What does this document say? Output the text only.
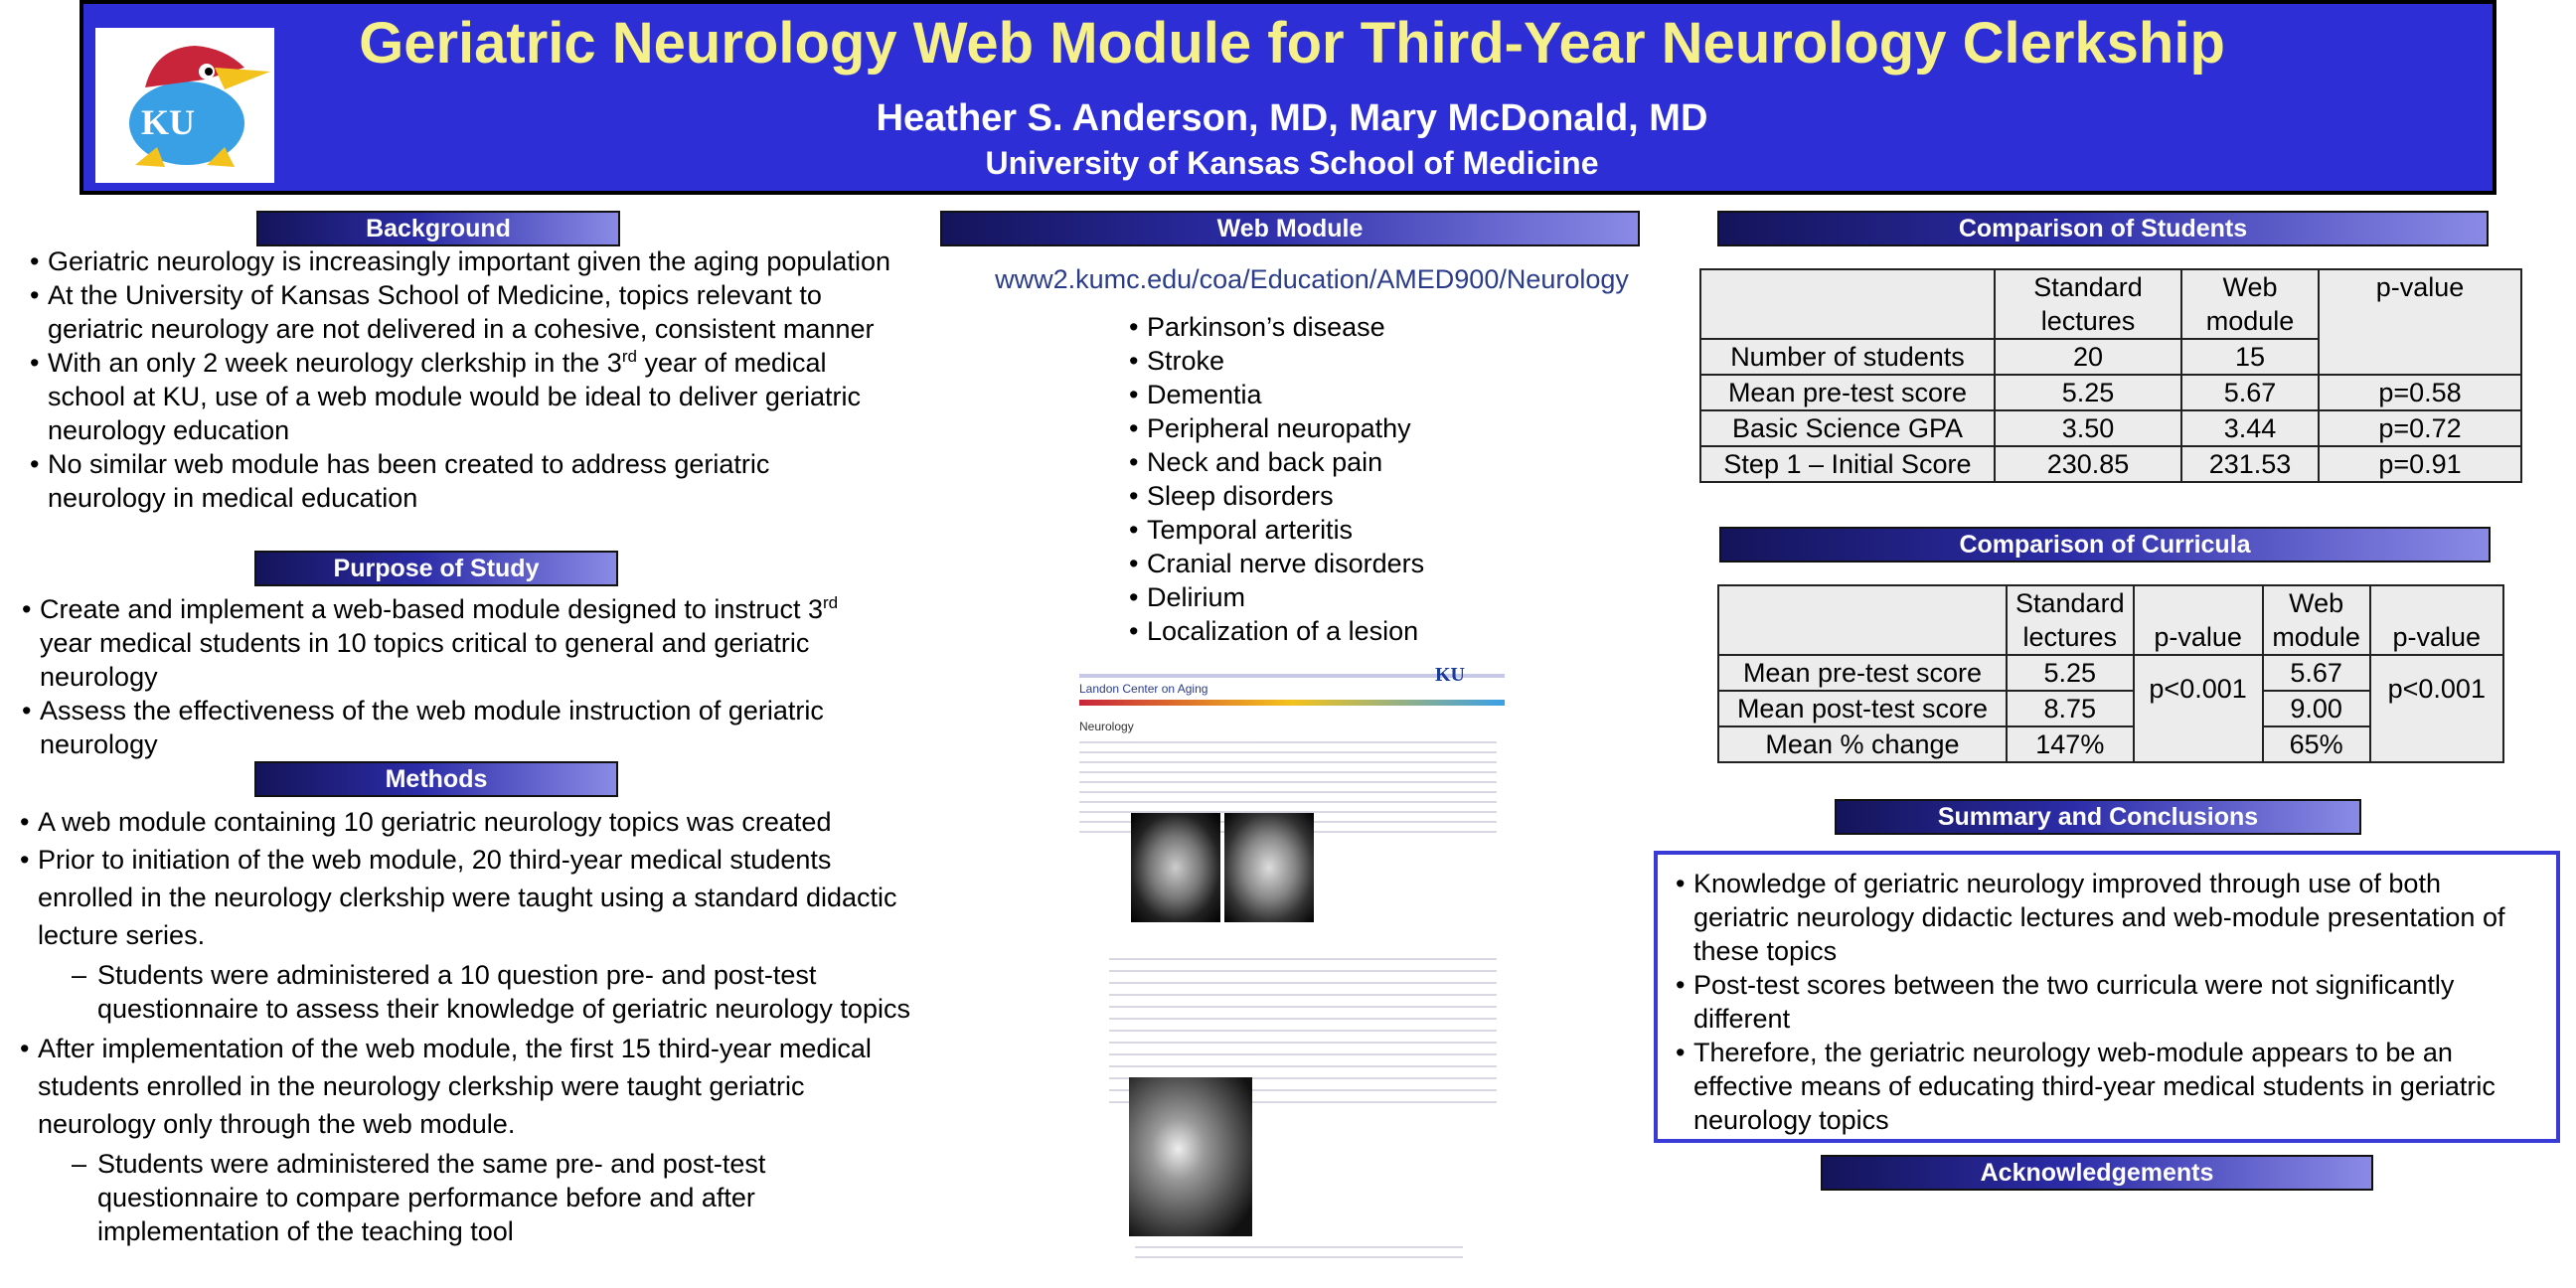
KU
Geriatric Neurology Web Module for Third-Year Neurology Clerkship
Heather S. Anderson, MD, Mary McDonald, MD
University of Kansas School of Medicine
Background
• Geriatric neurology is increasingly important given the aging population
• At the University of Kansas School of Medicine, topics relevant to geriatric neurology are not delivered in a cohesive, consistent manner
• With an only 2 week neurology clerkship in the 3rd year of medical school at KU, use of a web module would be ideal to deliver geriatric neurology education
• No similar web module has been created to address geriatric neurology in medical education
Purpose of Study
• Create and implement a web-based module designed to instruct 3rd year medical students in 10 topics critical to general and geriatric neurology
• Assess the effectiveness of the web module instruction of geriatric neurology
Methods
• A web module containing 10 geriatric neurology topics was created
• Prior to initiation of the web module, 20 third-year medical students enrolled in the neurology clerkship were taught using a standard didactic lecture series.
– Students were administered a 10 question pre- and post-test questionnaire to assess their knowledge of geriatric neurology topics
• After implementation of the web module, the first 15 third-year medical students enrolled in the neurology clerkship were taught geriatric neurology only through the web module.
– Students were administered the same pre- and post-test questionnaire to compare performance before and after implementation of the teaching tool
Web Module
www2.kumc.edu/coa/Education/AMED900/Neurology
• Parkinson’s disease
• Stroke
• Dementia
• Peripheral neuropathy
• Neck and back pain
• Sleep disorders
• Temporal arteritis
• Cranial nerve disorders
• Delirium
• Localization of a lesion
Landon Center on Aging
KU
Neurology
Comparison of Students
	Standard lectures	Web module	p-value
Number of students	20	15	
Mean pre-test score	5.25	5.67	p=0.58
Basic Science GPA	3.50	3.44	p=0.72
Step 1 – Initial Score	230.85	231.53	p=0.91
Comparison of Curricula
	Standard lectures	p-value	Web module	p-value
Mean pre-test score	5.25	p<0.001	5.67	p<0.001
Mean post-test score	8.75		9.00	
Mean % change	147%		65%	
Summary and Conclusions
• Knowledge of geriatric neurology improved through use of both geriatric neurology didactic lectures and web-module presentation of these topics
• Post-test scores between the two curricula were not significantly different
• Therefore, the geriatric neurology web-module appears to be an effective means of educating third-year medical students in geriatric neurology topics
Acknowledgements
